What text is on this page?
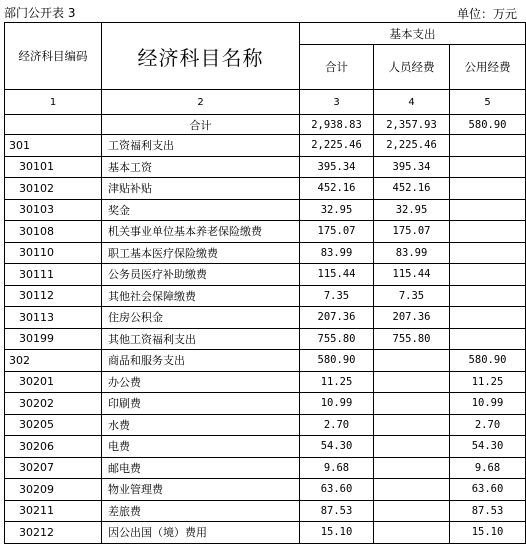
部门公开表 3	单位：万元
经济科目编码	经济科目名称	基本支出		
		合计	人员经费	公用经费
1	2	3	4	5
	合计	2,938.83	2,357.93	580.90
301	工资福利支出	2,225.46	2,225.46	
30101	基本工资	395.34	395.34	
30102	津贴补贴	452.16	452.16	
30103	奖金	32.95	32.95	
30108	机关事业单位基本养老保险缴费	175.07	175.07	
30110	职工基本医疗保险缴费	83.99	83.99	
30111	公务员医疗补助缴费	115.44	115.44	
30112	其他社会保障缴费	7.35	7.35	
30113	住房公积金	207.36	207.36	
30199	其他工资福利支出	755.80	755.80	
302	商品和服务支出	580.90		580.90
30201	办公费	11.25		11.25
30202	印刷费	10.99		10.99
30205	水费	2.70		2.70
30206	电费	54.30		54.30
30207	邮电费	9.68		9.68
30209	物业管理费	63.60		63.60
30211	差旅费	87.53		87.53
30212	因公出国（境）费用	15.10		15.10
